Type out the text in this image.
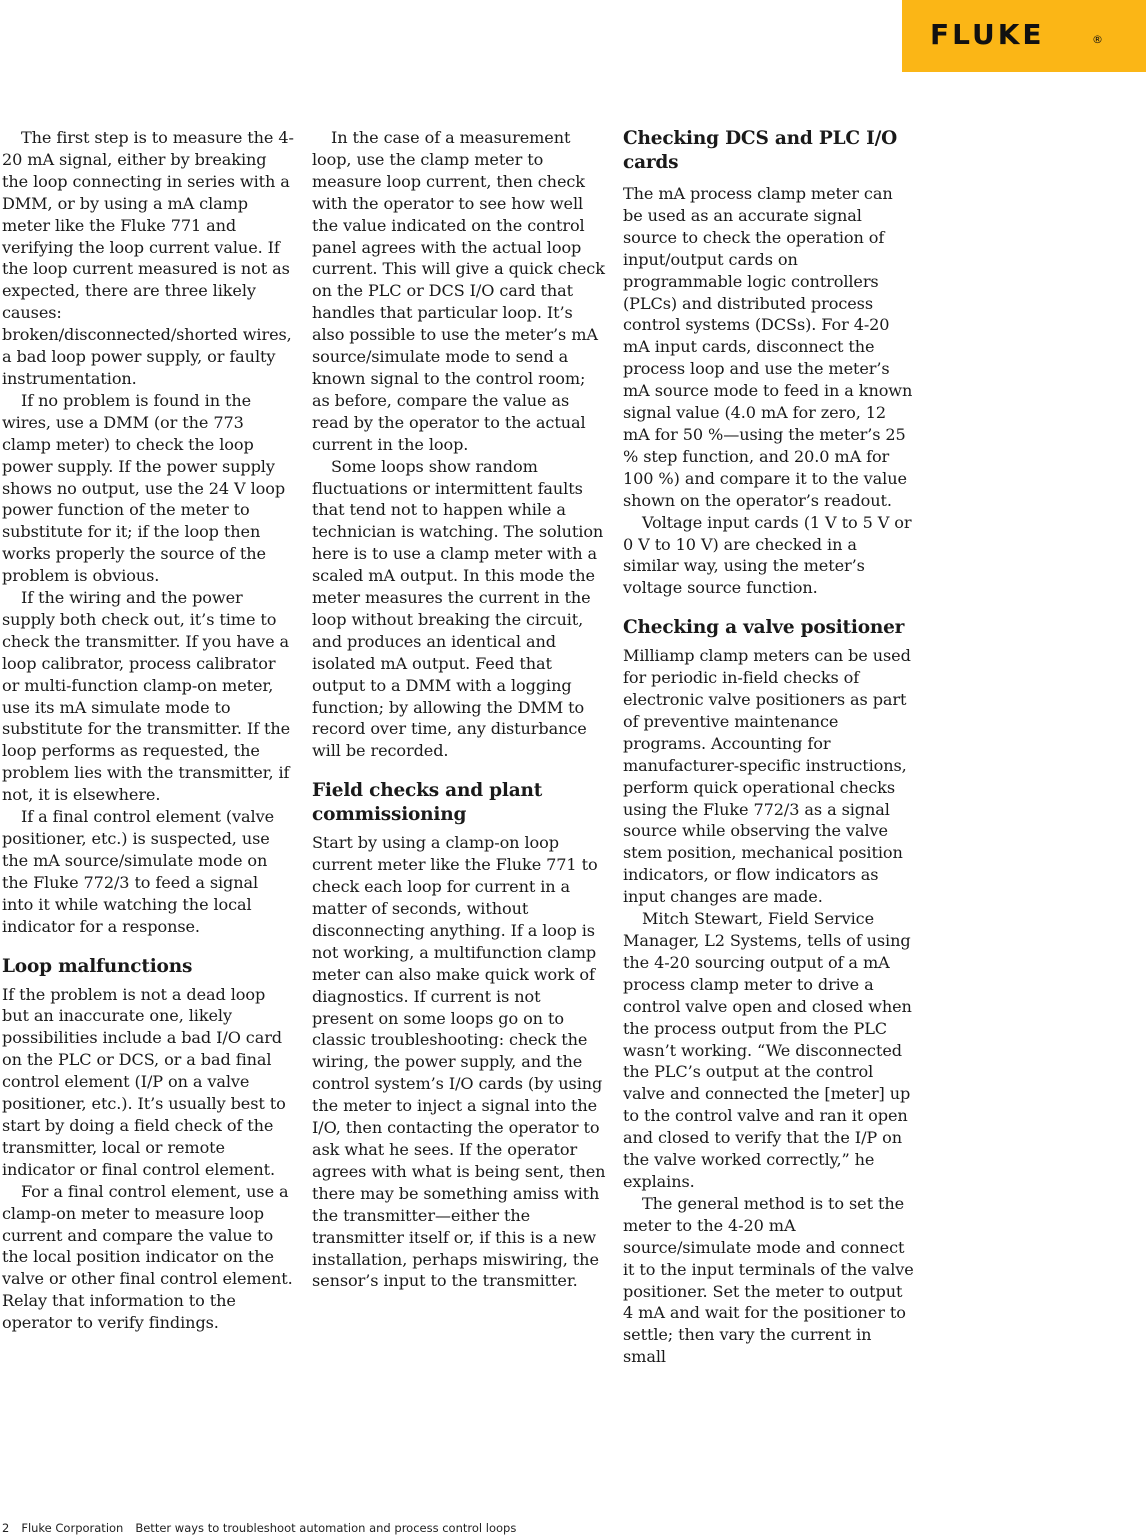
FLUKE	®

The first step is to measure the 4-20 mA signal, either by breaking the loop connecting in series with a DMM, or by using a mA clamp meter like the Fluke 771 and verifying the loop current value. If the loop current measured is not as expected, there are three likely causes: broken/disconnected/shorted wires, a bad loop power supply, or faulty instrumentation.

If no problem is found in the wires, use a DMM (or the 773 clamp meter) to check the loop power supply. If the power supply shows no output, use the 24 V loop power function of the meter to substitute for it; if the loop then works properly the source of the problem is obvious.

If the wiring and the power supply both check out, it’s time to check the transmitter. If you have a loop calibrator, process calibrator or multi-function clamp-on meter, use its mA simulate mode to substitute for the transmitter. If the loop performs as requested, the problem lies with the transmitter, if not, it is elsewhere.

If a final control element (valve positioner, etc.) is suspected, use the mA source/simulate mode on the Fluke 772/3 to feed a signal into it while watching the local indicator for a response.

Loop malfunctions

If the problem is not a dead loop but an inaccurate one, likely possibilities include a bad I/O card on the PLC or DCS, or a bad final control element (I/P on a valve positioner, etc.). It’s usually best to start by doing a field check of the transmitter, local or remote indicator or final control element.

For a final control element, use a clamp-on meter to measure loop current and compare the value to the local position indicator on the valve or other final control element. Relay that information to the operator to verify findings.

In the case of a measurement loop, use the clamp meter to measure loop current, then check with the operator to see how well the value indicated on the control panel agrees with the actual loop current. This will give a quick check on the PLC or DCS I/O card that handles that particular loop. It’s also possible to use the meter’s mA source/simulate mode to send a known signal to the control room; as before, compare the value as read by the operator to the actual current in the loop.

Some loops show random fluctuations or intermittent faults that tend not to happen while a technician is watching. The solution here is to use a clamp meter with a scaled mA output. In this mode the meter measures the current in the loop without breaking the circuit, and produces an identical and isolated mA output. Feed that output to a DMM with a logging function; by allowing the DMM to record over time, any disturbance will be recorded.

Field checks and plant commissioning

Start by using a clamp-on loop current meter like the Fluke 771 to check each loop for current in a matter of seconds, without disconnecting anything. If a loop is not working, a multifunction clamp meter can also make quick work of diagnostics. If current is not present on some loops go on to classic troubleshooting: check the wiring, the power supply, and the control system’s I/O cards (by using the meter to inject a signal into the I/O, then contacting the operator to ask what he sees. If the operator agrees with what is being sent, then there may be something amiss with the transmitter—either the transmitter itself or, if this is a new installation, perhaps miswiring, the sensor’s input to the transmitter.

Checking DCS and PLC I/O cards

The mA process clamp meter can be used as an accurate signal source to check the operation of input/output cards on programmable logic controllers (PLCs) and distributed process control systems (DCSs). For 4-20 mA input cards, disconnect the process loop and use the meter’s mA source mode to feed in a known signal value (4.0 mA for zero, 12 mA for 50 %—using the meter’s 25 % step function, and 20.0 mA for 100 %) and compare it to the value shown on the operator’s readout.

Voltage input cards (1 V to 5 V or 0 V to 10 V) are checked in a similar way, using the meter’s voltage source function.

Checking a valve positioner

Milliamp clamp meters can be used for periodic in-field checks of electronic valve positioners as part of preventive maintenance programs. Accounting for manufacturer-specific instructions, perform quick operational checks using the Fluke 772/3 as a signal source while observing the valve stem position, mechanical position indicators, or flow indicators as input changes are made.

Mitch Stewart, Field Service Manager, L2 Systems, tells of using the 4-20 sourcing output of a mA process clamp meter to drive a control valve open and closed when the process output from the PLC wasn’t working. “We disconnected the PLC’s output at the control valve and connected the [meter] up to the control valve and ran it open and closed to verify that the I/P on the valve worked correctly,” he explains.

The general method is to set the meter to the 4-20 mA source/simulate mode and connect it to the input terminals of the valve positioner. Set the meter to output 4 mA and wait for the positioner to settle; then vary the current in small

2 Fluke Corporation Better ways to troubleshoot automation and process control loops
